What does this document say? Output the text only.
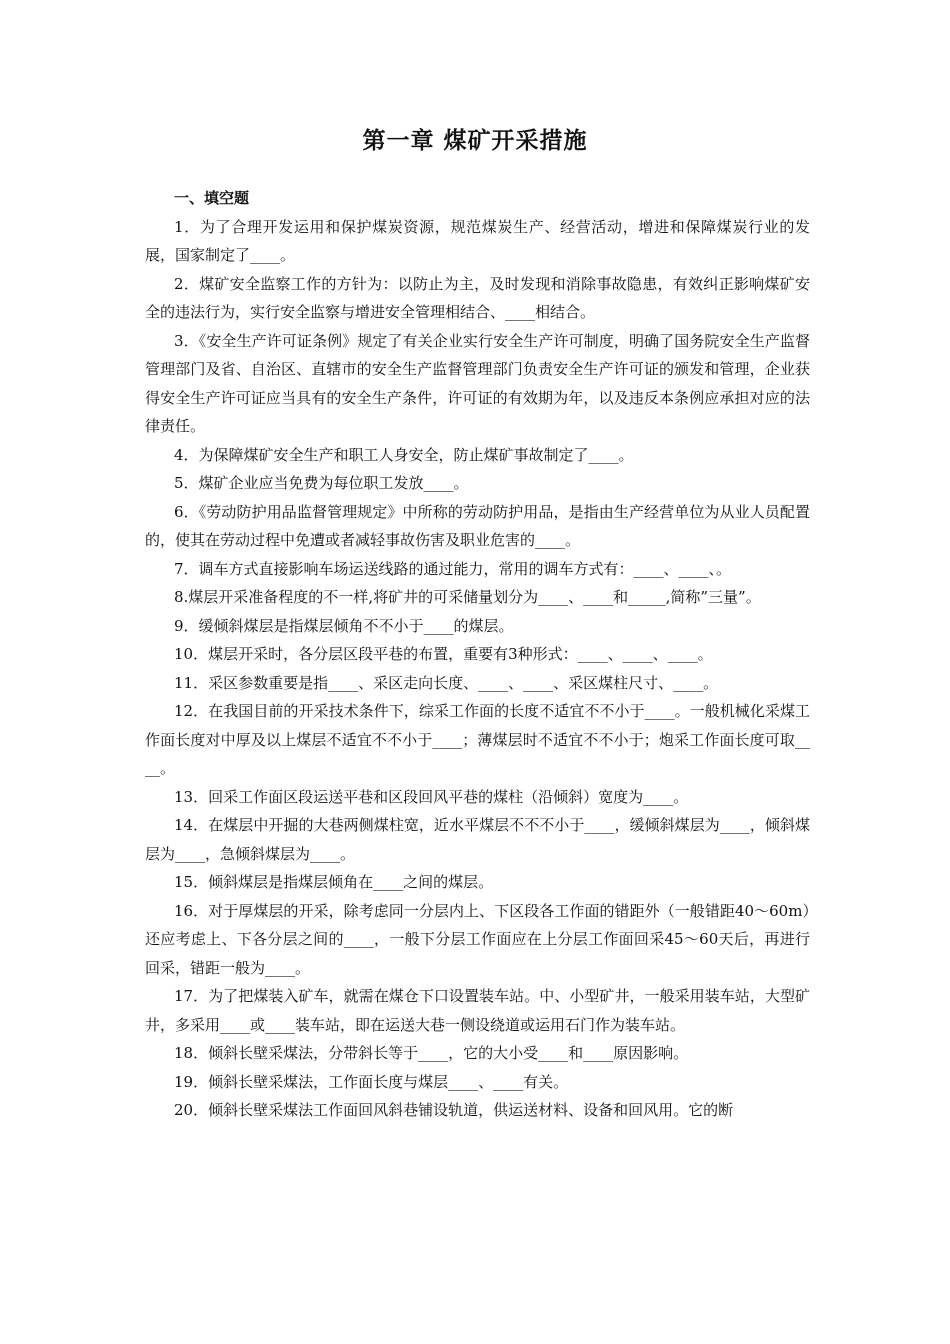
第一章 煤矿开采措施

一、填空题

1．为了合理开发运用和保护煤炭资源，规范煤炭生产、经营活动，增进和保障煤炭行业的发展，国家制定了____。

2．煤矿安全监察工作的方针为：以防止为主，及时发现和消除事故隐患，有效纠正影响煤矿安全的违法行为，实行安全监察与增进安全管理相结合、____相结合。

3．《安全生产许可证条例》规定了有关企业实行安全生产许可制度，明确了国务院安全生产监督管理部门及省、自治区、直辖市的安全生产监督管理部门负责安全生产许可证的颁发和管理，企业获得安全生产许可证应当具有的安全生产条件，许可证的有效期为年，以及违反本条例应承担对应的法律责任。

4．为保障煤矿安全生产和职工人身安全，防止煤矿事故制定了____。

5．煤矿企业应当免费为每位职工发放____。

6．《劳动防护用品监督管理规定》中所称的劳动防护用品，是指由生产经营单位为从业人员配置的，使其在劳动过程中免遭或者减轻事故伤害及职业危害的____。

7．调车方式直接影响车场运送线路的通过能力，常用的调车方式有：____、____、。

8.煤层开采准备程度的不一样,将矿井的可采储量划分为____、____和_____,简称”三量”。

9．缓倾斜煤层是指煤层倾角不不小于____的煤层。

10．煤层开采时，各分层区段平巷的布置，重要有3种形式：____、____、____。

11．采区参数重要是指____、采区走向长度、____、____、采区煤柱尺寸、____。

12．在我国目前的开采技术条件下，综采工作面的长度不适宜不不小于____。一般机械化采煤工作面长度对中厚及以上煤层不适宜不不小于____；薄煤层时不适宜不不小于；炮采工作面长度可取____。

13．回采工作面区段运送平巷和区段回风平巷的煤柱（沿倾斜）宽度为____。

14．在煤层中开掘的大巷两侧煤柱宽，近水平煤层不不不小于____，缓倾斜煤层为____，倾斜煤层为____，急倾斜煤层为____。

15．倾斜煤层是指煤层倾角在____之间的煤层。

16．对于厚煤层的开采，除考虑同一分层内上、下区段各工作面的错距外（一般错距40～60m）还应考虑上、下各分层之间的____，一般下分层工作面应在上分层工作面回采45～60天后，再进行回采，错距一般为____。

17．为了把煤装入矿车，就需在煤仓下口设置装车站。中、小型矿井，一般采用装车站，大型矿井，多采用____或____装车站，即在运送大巷一侧设绕道或运用石门作为装车站。

18．倾斜长壁采煤法，分带斜长等于____，它的大小受____和____原因影响。

19．倾斜长壁采煤法，工作面长度与煤层____、____有关。

20．倾斜长壁采煤法工作面回风斜巷铺设轨道，供运送材料、设备和回风用。它的断
